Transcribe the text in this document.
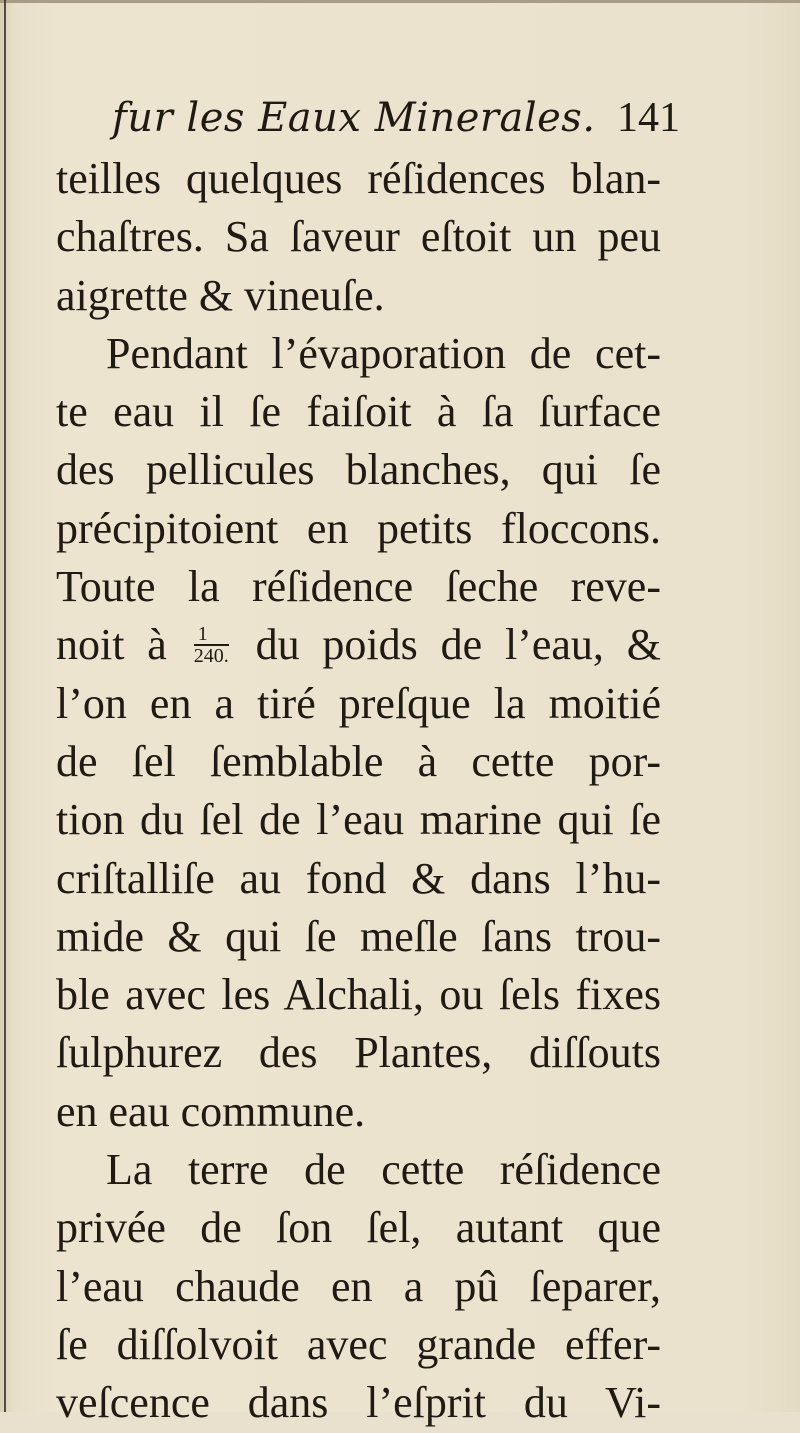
fur les Eaux Minerales. 141
teilles quelques réſidences blan-
chaſtres. Sa ſaveur eſtoit un peu
aigrette & vineuſe.
Pendant l’évaporation de cet-
te eau il ſe faiſoit à ſa ſurface
des pellicules blanches, qui ſe
précipitoient en petits floccons.
Toute la réſidence ſeche reve-
noit à $\frac{1}{240.}$ du poids de l’eau, &
l’on en a tiré preſque la moitié
de ſel ſemblable à cette por-
tion du ſel de l’eau marine qui ſe
criſtalliſe au fond & dans l’hu-
mide & qui ſe meſle ſans trou-
ble avec les Alchali, ou ſels fixes
ſulphurez des Plantes, diſſouts
en eau commune.
La terre de cette réſidence
privée de ſon ſel, autant que
l’eau chaude en a pû ſeparer,
ſe diſſolvoit avec grande effer-
veſcence dans l’eſprit du Vi-
